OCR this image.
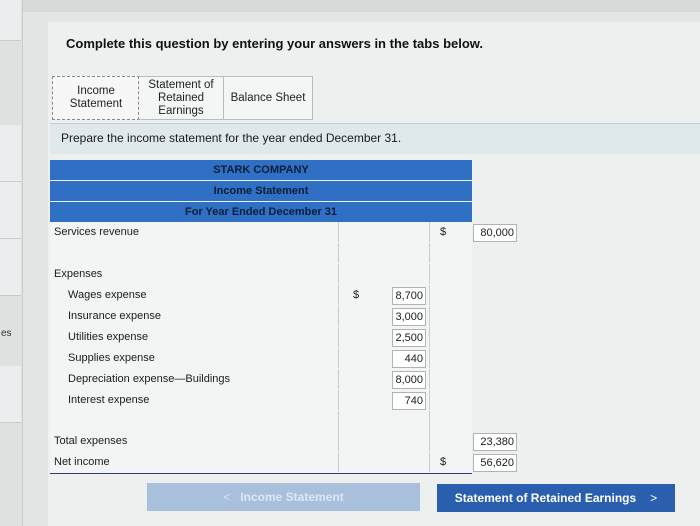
es
Complete this question by entering your answers in the tabs below.
Income
Statement
Statement of
Retained
Earnings
Balance Sheet
Prepare the income statement for the year ended December 31.
STARK COMPANY
Income Statement
For Year Ended December 31
Services revenue	$	80,000
Expenses
Wages expense	$	8,700
Insurance expense	3,000
Utilities expense	2,500
Supplies expense	440
Depreciation expense—Buildings	8,000
Interest expense	740
Total expenses	23,380
Net income	$	56,620
< Income Statement	Statement of Retained Earnings >
